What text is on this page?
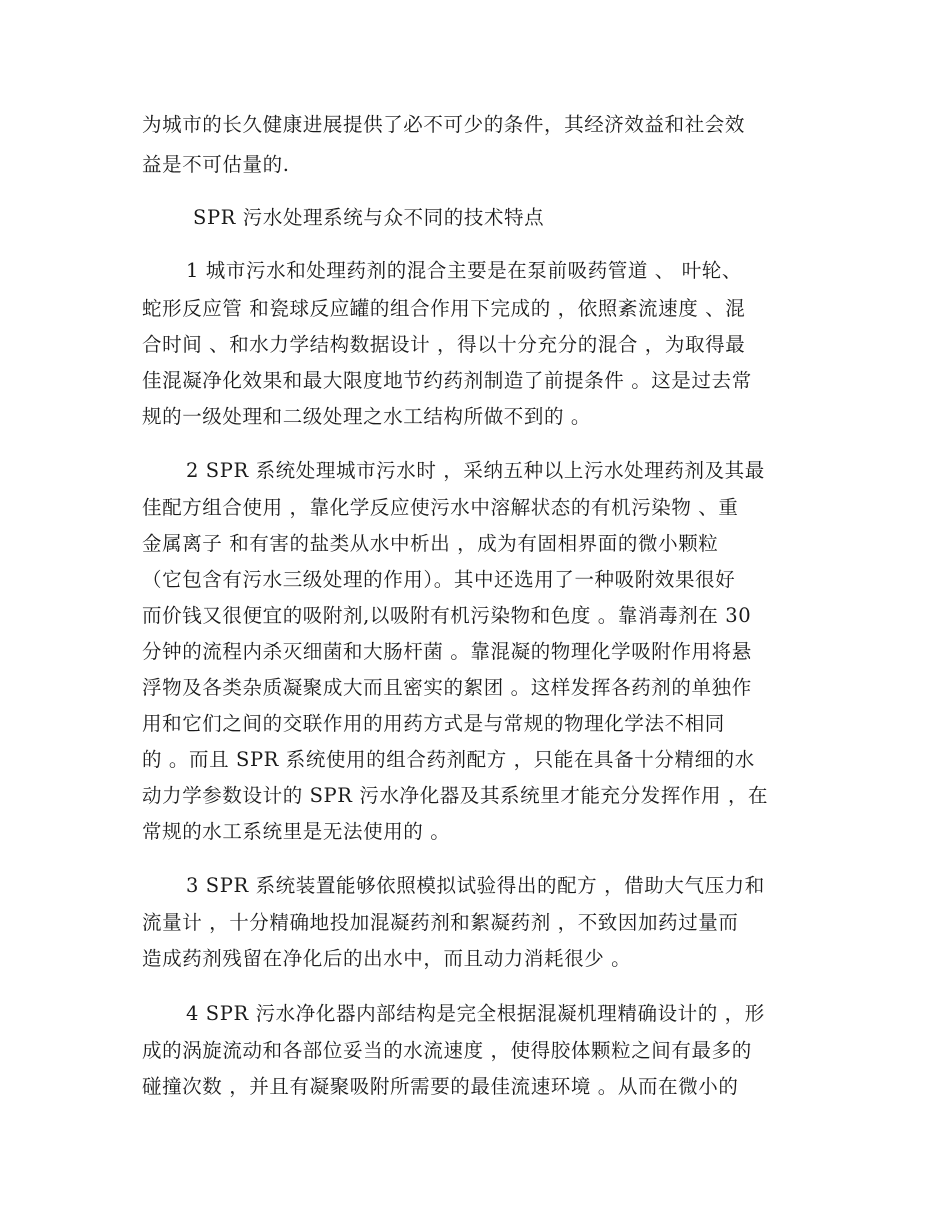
为城市的长久健康进展提供了必不可少的条件，其经济效益和社会效
益是不可估量的.
SPR 污水处理系统与众不同的技术特点
1 城市污水和处理药剂的混合主要是在泵前吸药管道 、 叶轮、
蛇形反应管 和瓷球反应罐的组合作用下完成的 ，依照紊流速度 、混
合时间 、和水力学结构数据设计 ，得以十分充分的混合 ，为取得最
佳混凝净化效果和最大限度地节约药剂制造了前提条件 。这是过去常
规的一级处理和二级处理之水工结构所做不到的 。
2 SPR 系统处理城市污水时 ，采纳五种以上污水处理药剂及其最
佳配方组合使用 ，靠化学反应使污水中溶解状态的有机污染物 、重
金属离子 和有害的盐类从水中析出 ，成为有固相界面的微小颗粒
（它包含有污水三级处理的作用）。其中还选用了一种吸附效果很好
而价钱又很便宜的吸附剂,以吸附有机污染物和色度 。靠消毒剂在 30
分钟的流程内杀灭细菌和大肠杆菌 。靠混凝的物理化学吸附作用将悬
浮物及各类杂质凝聚成大而且密实的絮团 。这样发挥各药剂的单独作
用和它们之间的交联作用的用药方式是与常规的物理化学法不相同
的 。而且 SPR 系统使用的组合药剂配方 ，只能在具备十分精细的水
动力学参数设计的 SPR 污水净化器及其系统里才能充分发挥作用 ，在
常规的水工系统里是无法使用的 。
3 SPR 系统装置能够依照模拟试验得出的配方 ，借助大气压力和
流量计 ，十分精确地投加混凝药剂和絮凝药剂 ，不致因加药过量而
造成药剂残留在净化后的出水中，而且动力消耗很少 。
4 SPR 污水净化器内部结构是完全根据混凝机理精确设计的 ，形
成的涡旋流动和各部位妥当的水流速度 ，使得胶体颗粒之间有最多的
碰撞次数 ，并且有凝聚吸附所需要的最佳流速环境 。从而在微小的
